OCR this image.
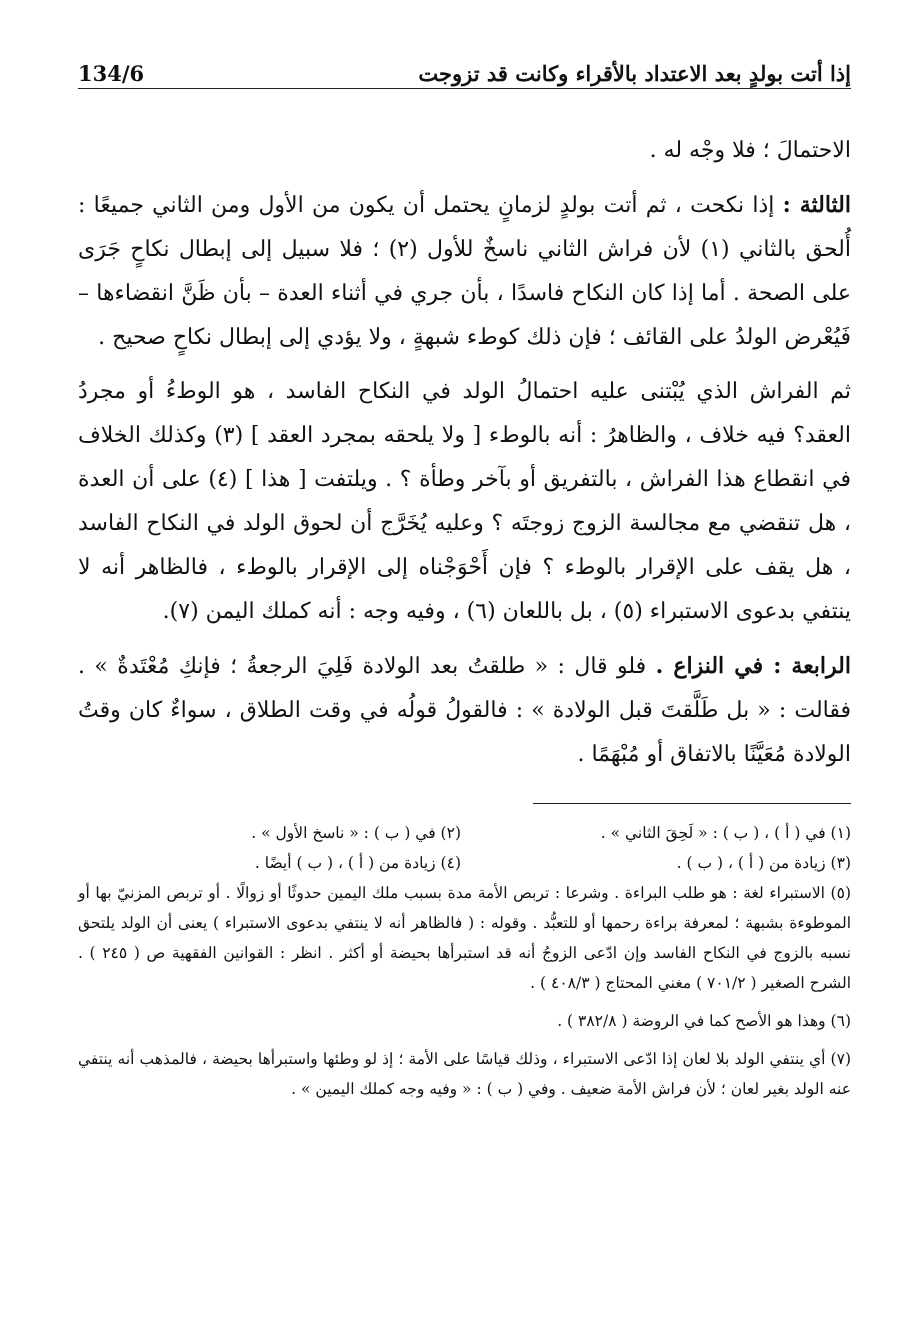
إذا أتت بولدٍ بعد الاعتداد بالأقراء وكانت قد تزوجت
134/6

الاحتمالَ ؛ فلا وجْه له .

الثالثة : إذا نكحت ، ثم أتت بولدٍ لزمانٍ يحتمل أن يكون من الأول ومن الثاني جميعًا : أُلحق بالثاني (١) لأن فراش الثاني ناسخٌ للأول (٢) ؛ فلا سبيل إلى إبطال نكاحٍ جَرَى على الصحة . أما إذا كان النكاح فاسدًا ، بأن جري في أثناء العدة – بأن ظَنَّ انقضاءها – فَيُعْرض الولدُ على القائف ؛ فإن ذلك كوطء شبهةٍ ، ولا يؤدي إلى إبطال نكاحٍ صحيح .

ثم الفراش الذي يُبْتنى عليه احتمالُ الولد في النكاح الفاسد ، هو الوطءُ أو مجردُ العقد؟ فيه خلاف ، والظاهرُ : أنه بالوطء [ ولا يلحقه بمجرد العقد ] (٣) وكذلك الخلاف في انقطاع هذا الفراش ، بالتفريق أو بآخر وطأة ؟ . ويلتفت [ هذا ] (٤) على أن العدة ، هل تنقضي مع مجالسة الزوج زوجتَه ؟ وعليه يُخَرَّج أن لحوق الولد في النكاح الفاسد ، هل يقف على الإقرار بالوطء ؟ فإن أَحْوَجْناه إلى الإقرار بالوطء ، فالظاهر أنه لا ينتفي بدعوى الاستبراء (٥) ، بل باللعان (٦) ، وفيه وجه : أنه كملك اليمن (٧).

الرابعة : في النزاع . فلو قال : « طلقتُ بعد الولادة فَلِيَ الرجعةُ ؛ فإنكِ مُعْتَدةٌ » . فقالت : « بل طَلَّقتَ قبل الولادة » : فالقولُ قولُه في وقت الطلاق ، سواءٌ كان وقتُ الولادة مُعَيَّنًا بالاتفاق أو مُبْهَمًا .

(١) في ( أ ) ، ( ب ) : « لَحِقَ الثاني » .
(٢) في ( ب ) : « ناسخ الأول » .
(٣) زيادة من ( أ ) ، ( ب ) .
(٤) زيادة من ( أ ) ، ( ب ) أيضًا .

(٥) الاستبراء لغة : هو طلب البراءة . وشرعا : تربص الأمة مدة بسبب ملك اليمين حدوثًا أو زوالًا . أو تربص المزنيّ بها أو الموطوءة بشبهة ؛ لمعرفة براءة رحمها أو للتعبُّد . وقوله : ( فالظاهر أنه لا ينتفي بدعوى الاستبراء ) يعنى أن الولد يلتحق نسبه بالزوج في النكاح الفاسد وإن ادّعى الزوجُ أنه قد استبرأها بحيضة أو أكثر . انظر : القوانين الفقهية ص ( ٢٤٥ ) . الشرح الصغير ( ٧٠١/٢ ) مغني المحتاج ( ٤٠٨/٣ ) .

(٦) وهذا هو الأصح كما في الروضة ( ٣٨٢/٨ ) .

(٧) أي ينتفي الولد بلا لعان إذا ادّعى الاستبراء ، وذلك قياسًا على الأمة ؛ إذ لو وطئها واستبرأها بحيضة ، فالمذهب أنه ينتفي عنه الولد بغير لعان ؛ لأن فراش الأمة ضعيف . وفي ( ب ) : « وفيه وجه كملك اليمين » .
